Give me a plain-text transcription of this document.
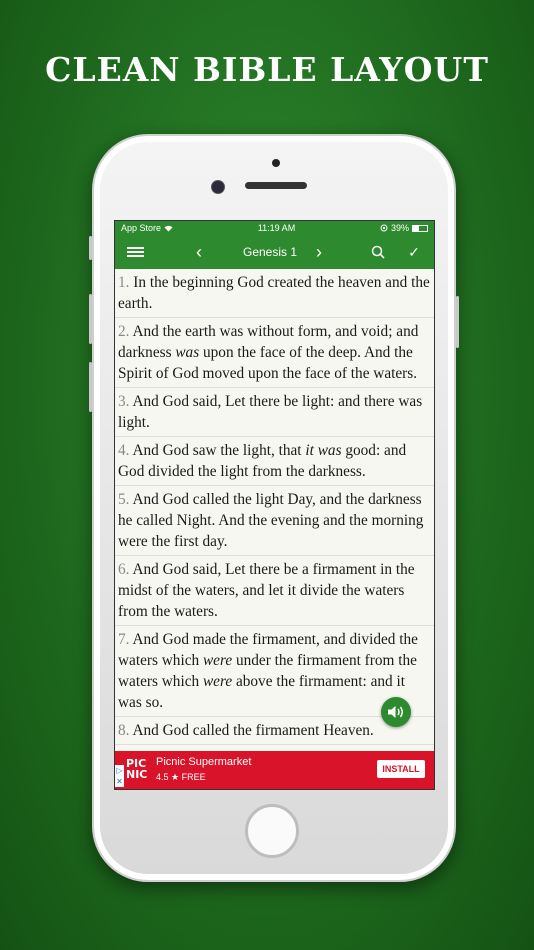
CLEAN BIBLE LAYOUT
App Store	11:19 AM	39%
‹	Genesis 1	›	✓
1. In the beginning God created the heaven and the earth.
2. And the earth was without form, and void; and darkness was upon the face of the deep. And the Spirit of God moved upon the face of the waters.
3. And God said, Let there be light: and there was light.
4. And God saw the light, that it was good: and God divided the light from the darkness.
5. And God called the light Day, and the darkness he called Night. And the evening and the morning were the first day.
6. And God said, Let there be a firmament in the midst of the waters, and let it divide the waters from the waters.
7. And God made the firmament, and divided the waters which were under the firmament from the waters which were above the firmament: and it was so.
8. And God called the firmament Heaven.
▷
✕
PIC
NIC
Picnic Supermarket
4.5 ★ FREE
INSTALL
